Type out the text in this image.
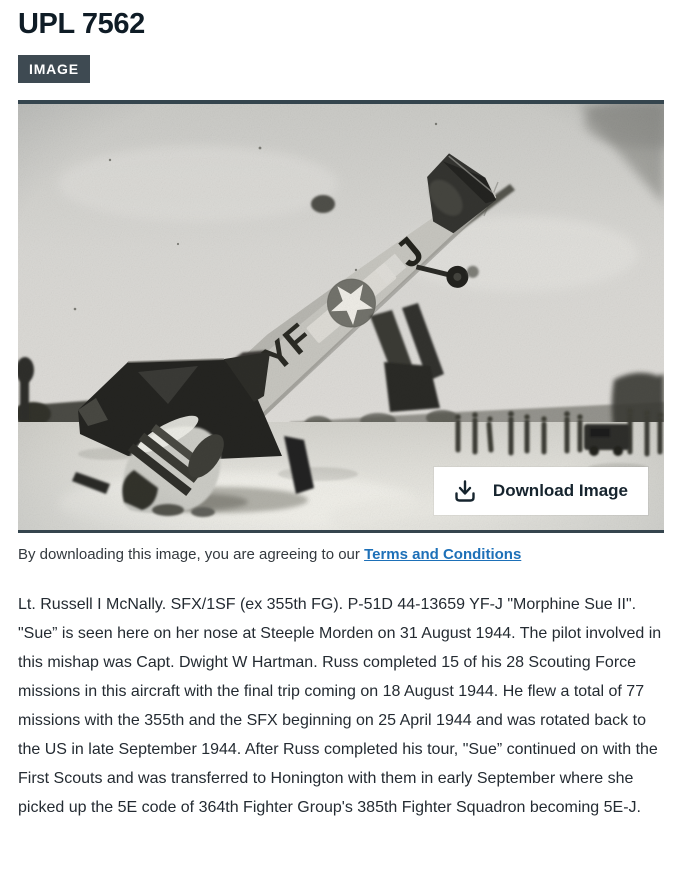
UPL 7562
IMAGE
Download Image

By downloading this image, you are agreeing to our Terms and Conditions

Lt. Russell I McNally. SFX/1SF (ex 355th FG). P-51D 44-13659 YF-J "Morphine Sue II". "Sue” is seen here on her nose at Steeple Morden on 31 August 1944. The pilot involved in this mishap was Capt. Dwight W Hartman. Russ completed 15 of his 28 Scouting Force missions in this aircraft with the final trip coming on 18 August 1944. He flew a total of 77 missions with the 355th and the SFX beginning on 25 April 1944 and was rotated back to the US in late September 1944. After Russ completed his tour, "Sue” continued on with the First Scouts and was transferred to Honington with them in early September where she picked up the 5E code of 364th Fighter Group's 385th Fighter Squadron becoming 5E-J.
